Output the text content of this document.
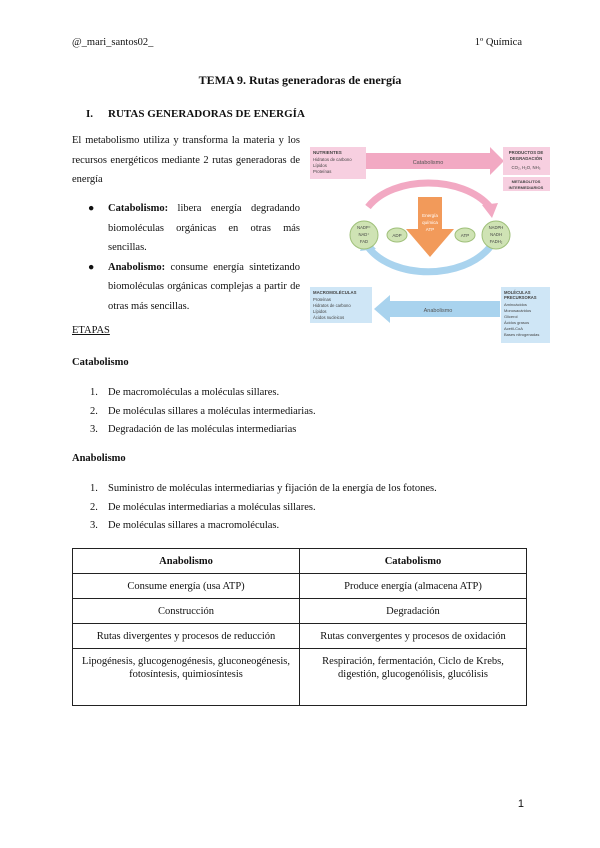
@_mari_santos02_	1º Química
TEMA 9. Rutas generadoras de energía
I. RUTAS GENERADORAS DE ENERGÍA
El metabolismo utiliza y transforma la materia y los recursos energéticos mediante 2 rutas generadoras de energía
● Catabolismo: libera energía degradando biomoléculas orgánicas en otras más sencillas.
● Anabolismo: consume energía sintetizando biomoléculas orgánicas complejas a partir de otras más sencillas.
Catabolismo
NUTRIENTES
Hidratos de carbono
Lípidos
Proteínas
PRODUCTOS DE
DEGRADACIÓN
CO₂, H₂O, NH₃
METABOLITOS
INTERMEDIARIOS
NADP⁺
NAD⁺
FAD
ADP
Energía
química
ATP
ATP
NADPH
NADH
FADH₂
Anabolismo
MACROMOLÉCULAS
Proteínas
Hidratos de carbono
Lípidos
Ácidos nucleicos
MOLÉCULAS
PRECURSORAS
Aminoácidos
Monosacáridos
Glicerol
Ácidos grasos
Acetil-CoA
Bases nitrogenadas
ETAPAS
Catabolismo
1. De macromoléculas a moléculas sillares.
2. De moléculas sillares a moléculas intermediarias.
3. Degradación de las moléculas intermediarias
Anabolismo
1. Suministro de moléculas intermediarias y fijación de la energía de los fotones.
2. De moléculas intermediarias a moléculas sillares.
3. De moléculas sillares a macromoléculas.
Anabolismo	Catabolismo
Consume energía (usa ATP)	Produce energía (almacena ATP)
Construcción	Degradación
Rutas divergentes y procesos de reducción	Rutas convergentes y procesos de oxidación
Lipogénesis, glucogenogénesis, gluconeogénesis, fotosíntesis, quimiosíntesis	Respiración, fermentación, Ciclo de Krebs, digestión, glucogenólisis, glucólisis
1
